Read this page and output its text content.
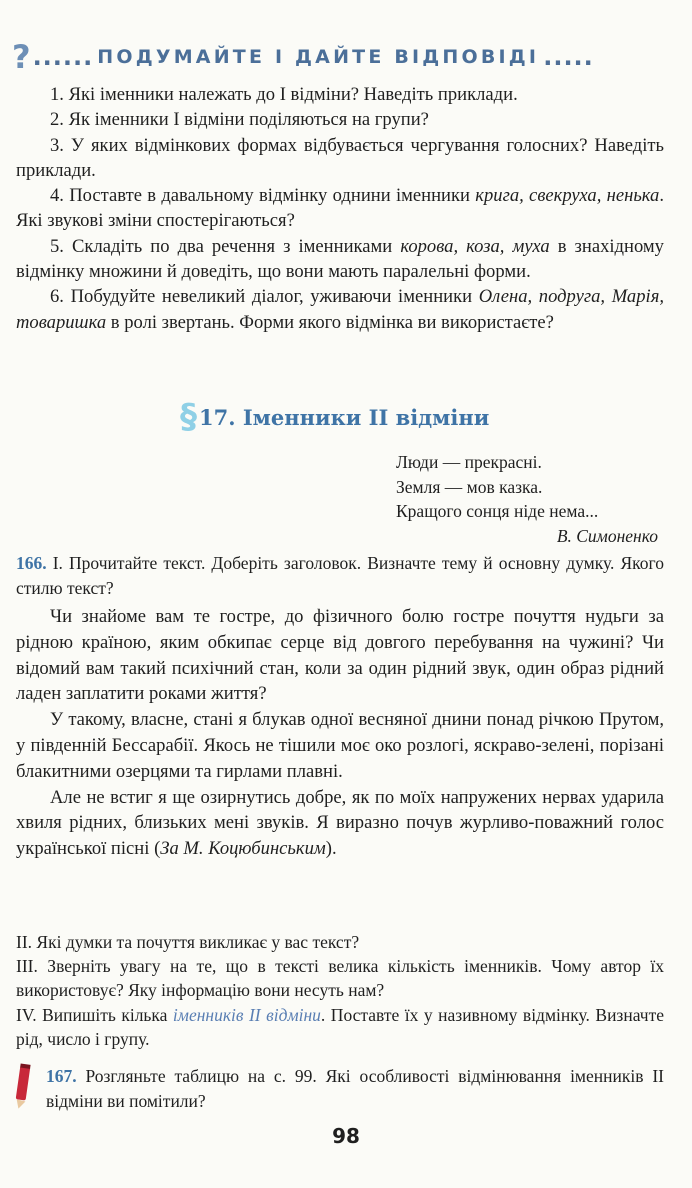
? ...... ПОДУМАЙТЕ І ДАЙТЕ ВІДПОВІДІ .....

1. Які іменники належать до І відміни? Наведіть приклади.

2. Як іменники І відміни поділяються на групи?

3. У яких відмінкових формах відбувається чергування голосних? Наведіть приклади.

4. Поставте в давальному відмінку однини іменники крига, свекруха, ненька. Які звукові зміни спостерігаються?

5. Складіть по два речення з іменниками корова, коза, муха в знахідному відмінку множини й доведіть, що вони мають паралельні форми.

6. Побудуйте невеликий діалог, уживаючи іменники Олена, подруга, Марія, товаришка в ролі звертань. Форми якого відмінка ви використаєте?

§ 17. Іменники ІІ відміни

Люди — прекрасні.

Земля — мов казка.

Кращого сонця ніде нема...

В. Симоненко

166. І. Прочитайте текст. Доберіть заголовок. Визначте тему й основну думку. Якого стилю текст?

Чи знайоме вам те гостре, до фізичного болю гостре почуття нудьги за рідною країною, яким обкипає серце від довгого перебування на чужині? Чи відомий вам такий психічний стан, коли за один рідний звук, один образ рідний ладен заплатити роками життя?

У такому, власне, стані я блукав одної весняної днини понад річкою Прутом, у південній Бессарабії. Якось не тішили моє око розлогі, яскраво-зелені, порізані блакитними озерцями та гирлами плавні.

Але не встиг я ще озирнутись добре, як по моїх напружених нервах ударила хвиля рідних, близьких мені звуків. Я виразно почув журливо-поважний голос української пісні (За М. Коцюбинським).

ІІ. Які думки та почуття викликає у вас текст?

ІІІ. Зверніть увагу на те, що в тексті велика кількість іменників. Чому автор їх використовує? Яку інформацію вони несуть нам?

ІV. Випишіть кілька іменників ІІ відміни. Поставте їх у називному відмінку. Визначте рід, число і групу.

167. Розгляньте таблицю на с. 99. Які особливості відмінювання іменників ІІ відміни ви помітили?
98
